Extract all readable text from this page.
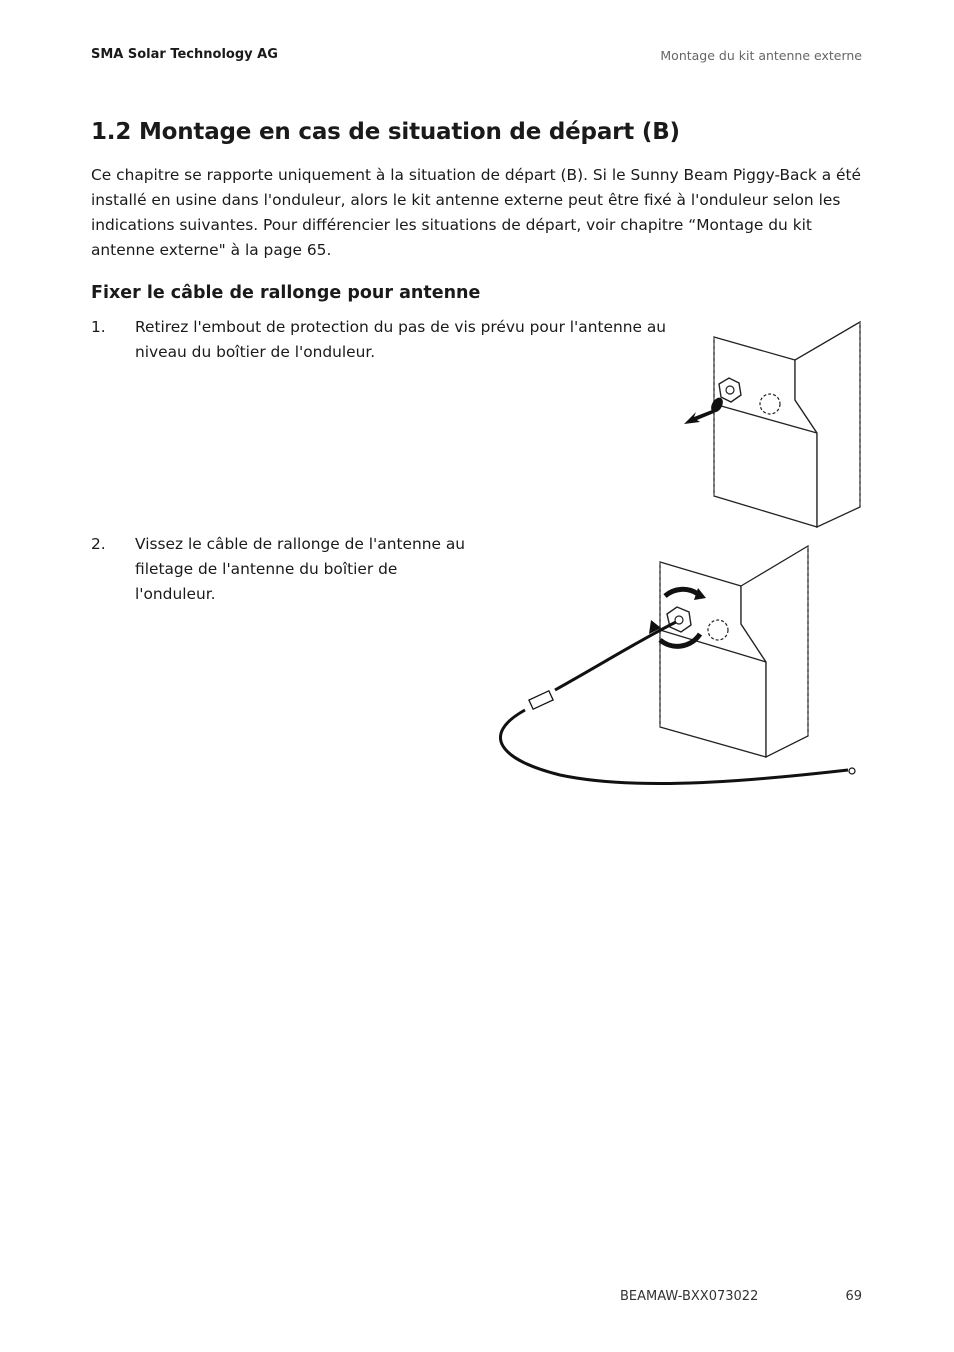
SMA Solar Technology AG	Montage du kit antenne externe
1.2 Montage en cas de situation de départ (B)

Ce chapitre se rapporte uniquement à la situation de départ (B). Si le Sunny Beam Piggy-Back a été installé en usine dans l'onduleur, alors le kit antenne externe peut être fixé à l'onduleur selon les indications suivantes. Pour différencier les situations de départ, voir chapitre “Montage du kit antenne externe" à la page 65.

Fixer le câble de rallonge pour antenne
1. Retirez l'embout de protection du pas de vis prévu pour l'antenne au niveau du boîtier de l'onduleur.

2. Vissez le câble de rallonge de l'antenne au filetage de l'antenne du boîtier de l'onduleur.

BEAMAW-BXX073022	69
